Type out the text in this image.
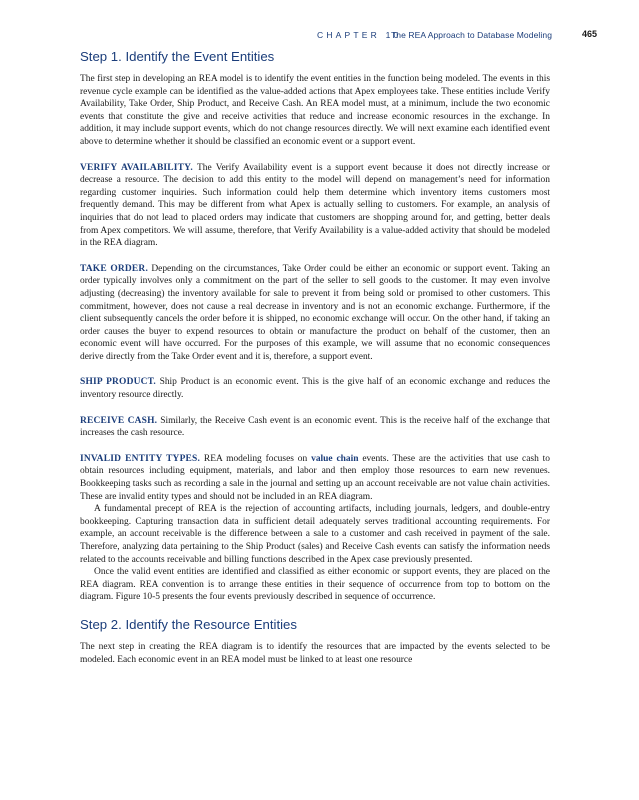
CHAPTER 10
The REA Approach to Database Modeling	465
Step 1. Identify the Event Entities

The first step in developing an REA model is to identify the event entities in the function being modeled. The events in this revenue cycle example can be identified as the value-added actions that Apex employees take. These entities include Verify Availability, Take Order, Ship Product, and Receive Cash. An REA model must, at a minimum, include the two economic events that constitute the give and receive activities that reduce and increase economic resources in the exchange. In addition, it may include support events, which do not change resources directly. We will next examine each identified event above to determine whether it should be classified an economic event or a support event.

VERIFY AVAILABILITY. The Verify Availability event is a support event because it does not directly increase or decrease a resource. The decision to add this entity to the model will depend on management’s need for information regarding customer inquiries. Such information could help them determine which inventory items customers most frequently demand. This may be different from what Apex is actually selling to customers. For example, an analysis of inquiries that do not lead to placed orders may indicate that customers are shopping around for, and getting, better deals from Apex competitors. We will assume, therefore, that Verify Availability is a value-added activity that should be modeled in the REA diagram.

TAKE ORDER. Depending on the circumstances, Take Order could be either an economic or support event. Taking an order typically involves only a commitment on the part of the seller to sell goods to the customer. It may even involve adjusting (decreasing) the inventory available for sale to prevent it from being sold or promised to other customers. This commitment, however, does not cause a real decrease in inventory and is not an economic exchange. Furthermore, if the client subsequently cancels the order before it is shipped, no economic exchange will occur. On the other hand, if taking an order causes the buyer to expend resources to obtain or manufacture the product on behalf of the customer, then an economic event will have occurred. For the purposes of this example, we will assume that no economic consequences derive directly from the Take Order event and it is, therefore, a support event.

SHIP PRODUCT. Ship Product is an economic event. This is the give half of an economic exchange and reduces the inventory resource directly.

RECEIVE CASH. Similarly, the Receive Cash event is an economic event. This is the receive half of the exchange that increases the cash resource.

INVALID ENTITY TYPES. REA modeling focuses on value chain events. These are the activities that use cash to obtain resources including equipment, materials, and labor and then employ those resources to earn new revenues. Bookkeeping tasks such as recording a sale in the journal and setting up an account receivable are not value chain activities. These are invalid entity types and should not be included in an REA diagram.

A fundamental precept of REA is the rejection of accounting artifacts, including journals, ledgers, and double-entry bookkeeping. Capturing transaction data in sufficient detail adequately serves traditional accounting requirements. For example, an account receivable is the difference between a sale to a customer and cash received in payment of the sale. Therefore, analyzing data pertaining to the Ship Product (sales) and Receive Cash events can satisfy the information needs related to the accounts receivable and billing functions described in the Apex case previously presented.

Once the valid event entities are identified and classified as either economic or support events, they are placed on the REA diagram. REA convention is to arrange these entities in their sequence of occurrence from top to bottom on the diagram. Figure 10-5 presents the four events previously described in sequence of occurrence.

Step 2. Identify the Resource Entities

The next step in creating the REA diagram is to identify the resources that are impacted by the events selected to be modeled. Each economic event in an REA model must be linked to at least one resource
